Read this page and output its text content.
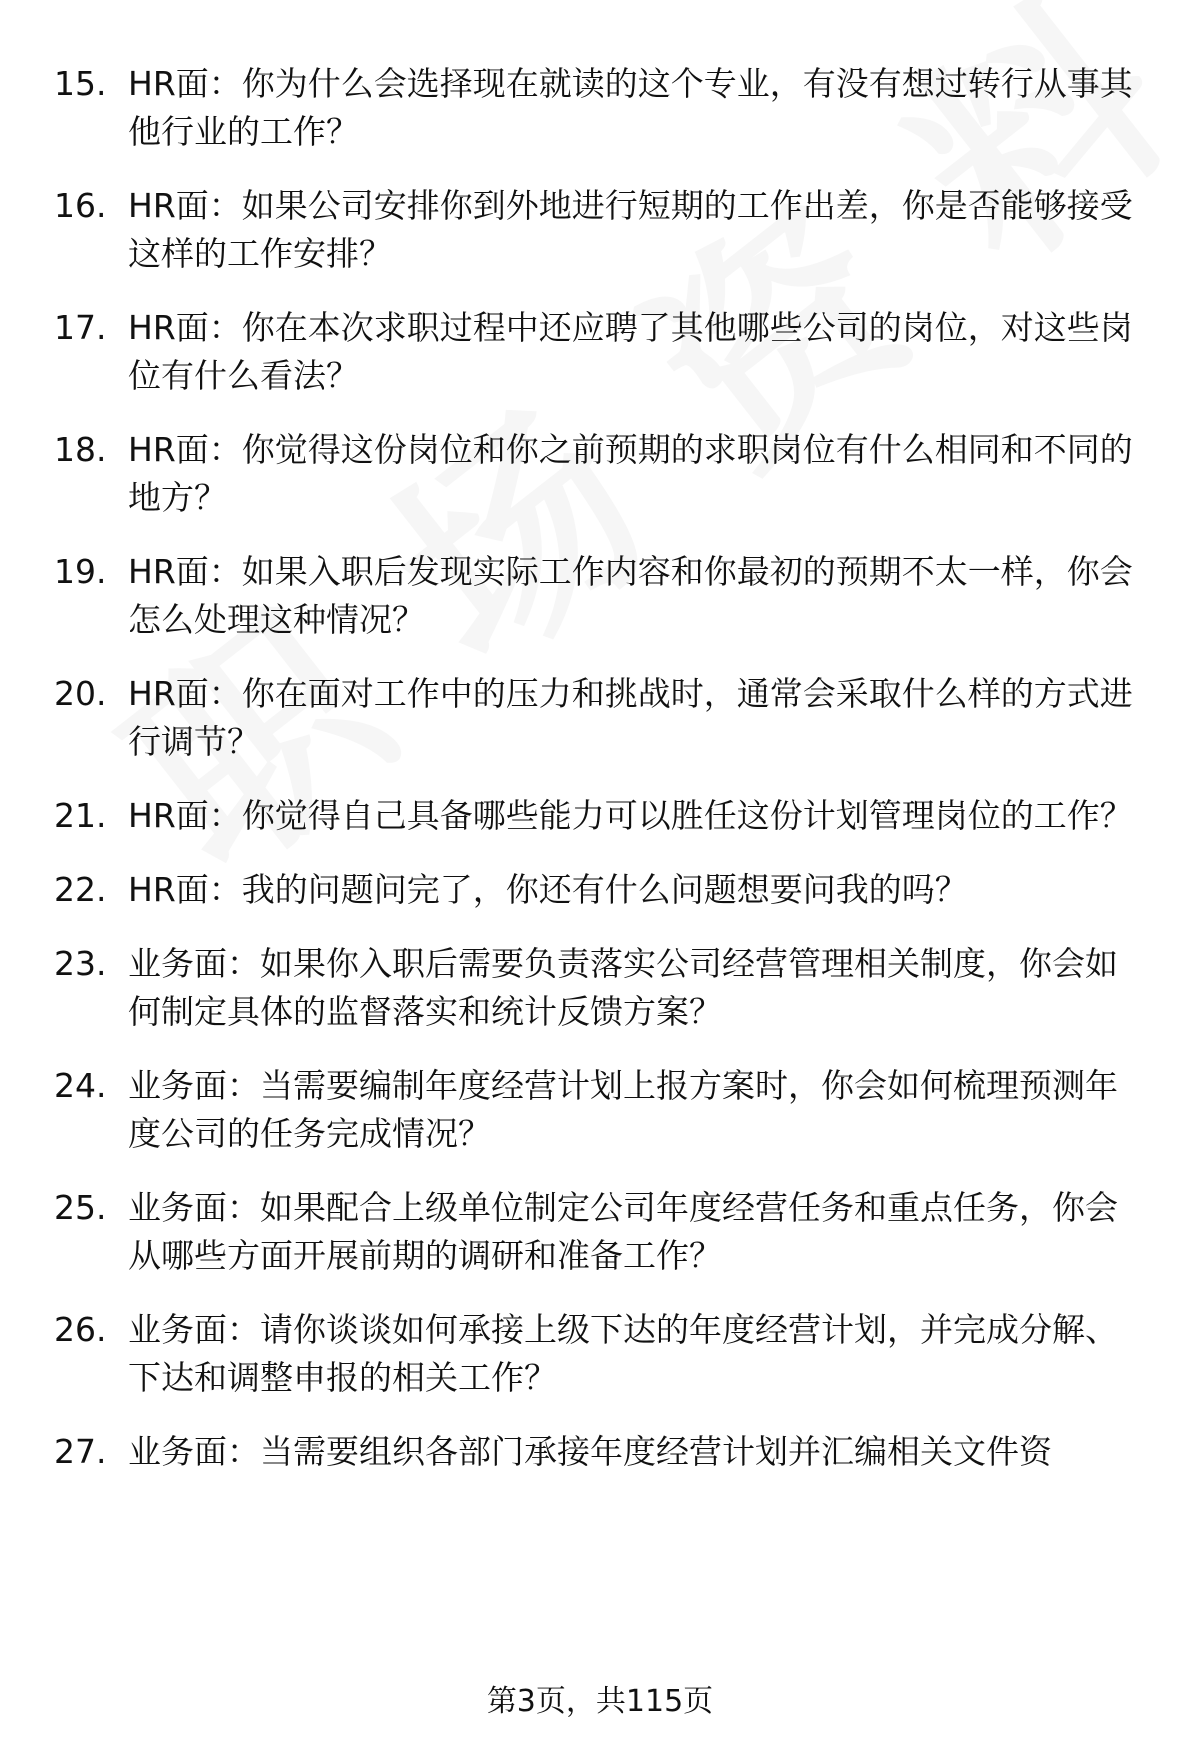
15. HR面：你为什么会选择现在就读的这个专业，有没有想过转行从事其他行业的工作？
16. HR面：如果公司安排你到外地进行短期的工作出差，你是否能够接受这样的工作安排？
17. HR面：你在本次求职过程中还应聘了其他哪些公司的岗位，对这些岗位有什么看法？
18. HR面：你觉得这份岗位和你之前预期的求职岗位有什么相同和不同的地方？
19. HR面：如果入职后发现实际工作内容和你最初的预期不太一样，你会怎么处理这种情况？
20. HR面：你在面对工作中的压力和挑战时，通常会采取什么样的方式进行调节？
21. HR面：你觉得自己具备哪些能力可以胜任这份计划管理岗位的工作？
22. HR面：我的问题问完了，你还有什么问题想要问我的吗？
23. 业务面：如果你入职后需要负责落实公司经营管理相关制度，你会如何制定具体的监督落实和统计反馈方案？
24. 业务面：当需要编制年度经营计划上报方案时，你会如何梳理预测年度公司的任务完成情况？
25. 业务面：如果配合上级单位制定公司年度经营任务和重点任务，你会从哪些方面开展前期的调研和准备工作？
26. 业务面：请你谈谈如何承接上级下达的年度经营计划，并完成分解、下达和调整申报的相关工作？
27. 业务面：当需要组织各部门承接年度经营计划并汇编相关文件资
第3页，共115页
